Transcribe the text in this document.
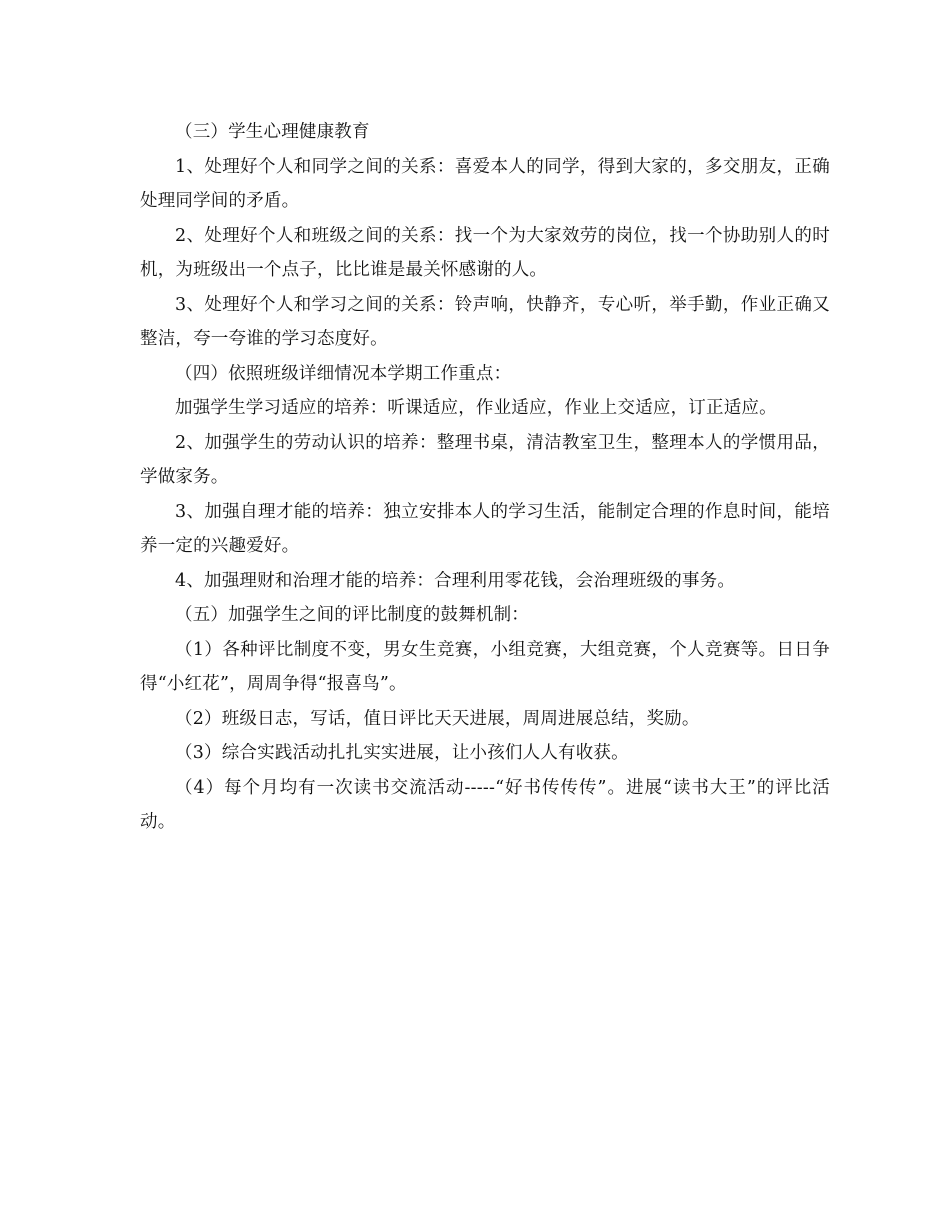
（三）学生心理健康教育

1、处理好个人和同学之间的关系：喜爱本人的同学，得到大家的，多交朋友，正确处理同学间的矛盾。

2、处理好个人和班级之间的关系：找一个为大家效劳的岗位，找一个协助别人的时机，为班级出一个点子，比比谁是最关怀感谢的人。

3、处理好个人和学习之间的关系：铃声响，快静齐，专心听，举手勤，作业正确又整洁，夸一夸谁的学习态度好。

（四）依照班级详细情况本学期工作重点：

加强学生学习适应的培养：听课适应，作业适应，作业上交适应，订正适应。

2、加强学生的劳动认识的培养：整理书桌，清洁教室卫生，整理本人的学惯用品，学做家务。

3、加强自理才能的培养：独立安排本人的学习生活，能制定合理的作息时间，能培养一定的兴趣爱好。

4、加强理财和治理才能的培养：合理利用零花钱，会治理班级的事务。

（五）加强学生之间的评比制度的鼓舞机制：

（1）各种评比制度不变，男女生竞赛，小组竞赛，大组竞赛，个人竞赛等。日日争得“小红花”，周周争得“报喜鸟”。

（2）班级日志，写话，值日评比天天进展，周周进展总结，奖励。

（3）综合实践活动扎扎实实进展，让小孩们人人有收获。

（4）每个月均有一次读书交流活动-----“好书传传传”。进展“读书大王”的评比活动。
